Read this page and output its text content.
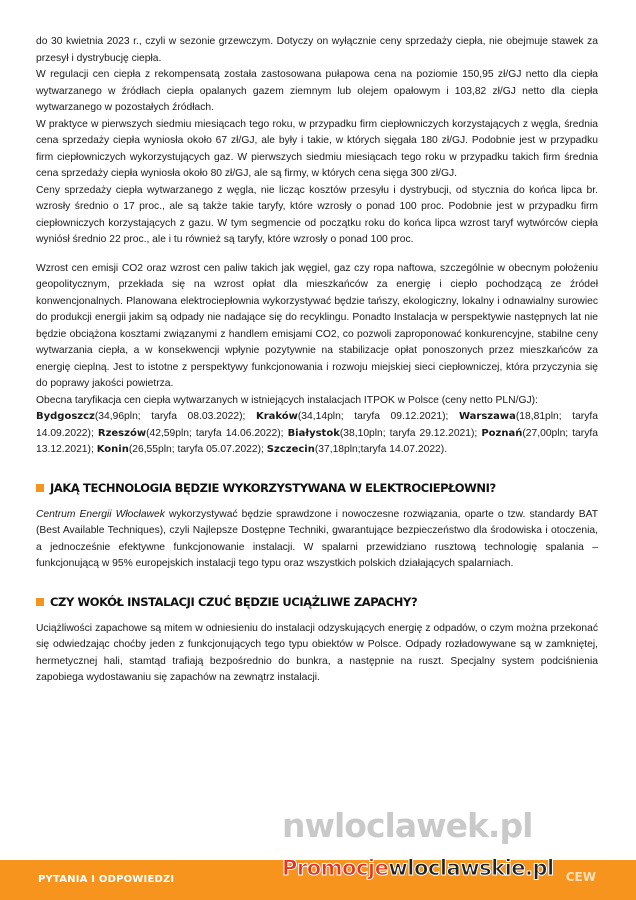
do 30 kwietnia 2023 r., czyli w sezonie grzewczym. Dotyczy on wyłącznie ceny sprzedaży ciepła, nie obejmuje stawek za przesył i dystrybucję ciepła.

W regulacji cen ciepła z rekompensatą została zastosowana pułapowa cena na poziomie 150,95 zł/GJ netto dla ciepła wytwarzanego w źródłach ciepła opalanych gazem ziemnym lub olejem opałowym i 103,82 zł/GJ netto dla ciepła wytwarzanego w pozostałych źródłach.

W praktyce w pierwszych siedmiu miesiącach tego roku, w przypadku firm ciepłowniczych korzystających z węgla, średnia cena sprzedaży ciepła wyniosła około 67 zł/GJ, ale były i takie, w których sięgała 180 zł/GJ. Podobnie jest w przypadku firm ciepłowniczych wykorzystujących gaz. W pierwszych siedmiu miesiącach tego roku w przypadku takich firm średnia cena sprzedaży ciepła wyniosła około 80 zł/GJ, ale są firmy, w których cena sięga 300 zł/GJ.

Ceny sprzedaży ciepła wytwarzanego z węgla, nie licząc kosztów przesyłu i dystrybucji, od stycznia do końca lipca br. wzrosły średnio o 17 proc., ale są także takie taryfy, które wzrosły o ponad 100 proc. Podobnie jest w przypadku firm ciepłowniczych korzystających z gazu. W tym segmencie od początku roku do końca lipca wzrost taryf wytwórców ciepła wyniósł średnio 22 proc., ale i tu również są taryfy, które wzrosły o ponad 100 proc.

Wzrost cen emisji CO2 oraz wzrost cen paliw takich jak węgiel, gaz czy ropa naftowa, szczególnie w obecnym położeniu geopolitycznym, przekłada się na wzrost opłat dla mieszkańców za energię i ciepło pochodzącą ze źródeł konwencjonalnych. Planowana elektrociepłownia wykorzystywać będzie tańszy, ekologiczny, lokalny i odnawialny surowiec do produkcji energii jakim są odpady nie nadające się do recyklingu. Ponadto Instalacja w perspektywie następnych lat nie będzie obciążona kosztami związanymi z handlem emisjami CO2, co pozwoli zaproponować konkurencyjne, stabilne ceny wytwarzania ciepła, a w konsekwencji wpłynie pozytywnie na stabilizacje opłat ponoszonych przez mieszkańców za energię cieplną. Jest to istotne z perspektywy funkcjonowania i rozwoju miejskiej sieci ciepłowniczej, która przyczynia się do poprawy jakości powietrza.

Obecna taryfikacja cen ciepła wytwarzanych w istniejących instalacjach ITPOK w Polsce (ceny netto PLN/GJ):

Bydgoszcz(34,96pln; taryfa 08.03.2022); Kraków(34,14pln; taryfa 09.12.2021); Warszawa(18,81pln; taryfa 14.09.2022); Rzeszów(42,59pln; taryfa 14.06.2022); Białystok(38,10pln; taryfa 29.12.2021); Poznań(27,00pln; taryfa 13.12.2021); Konin(26,55pln; taryfa 05.07.2022); Szczecin(37,18pln;taryfa 14.07.2022).

JAKĄ TECHNOLOGIA BĘDZIE WYKORZYSTYWANA W ELEKTROCIEPŁOWNI?

Centrum Energii Włocławek wykorzystywać będzie sprawdzone i nowoczesne rozwiązania, oparte o tzw. standardy BAT (Best Available Techniques), czyli Najlepsze Dostępne Techniki, gwarantujące bezpieczeństwo dla środowiska i otoczenia, a jednocześnie efektywne funkcjonowanie instalacji. W spalarni przewidziano rusztową technologię spalania – funkcjonującą w 95% europejskich instalacji tego typu oraz wszystkich polskich działających spalarniach.

CZY WOKÓŁ INSTALACJI CZUĆ BĘDZIE UCIĄŻLIWE ZAPACHY?

Uciążliwości zapachowe są mitem w odniesieniu do instalacji odzyskujących energię z odpadów, o czym można przekonać się odwiedzając choćby jeden z funkcjonujących tego typu obiektów w Polsce. Odpady rozładowywane są w zamkniętej, hermetycznej hali, stamtąd trafiają bezpośrednio do bunkra, a następnie na ruszt. Specjalny system podciśnienia zapobiega wydostawaniu się zapachów na zewnątrz instalacji.

nwloclawek.pl
PYTANIA I ODPOWIEDZI	CEW
Promocjewloclawskie.pl
